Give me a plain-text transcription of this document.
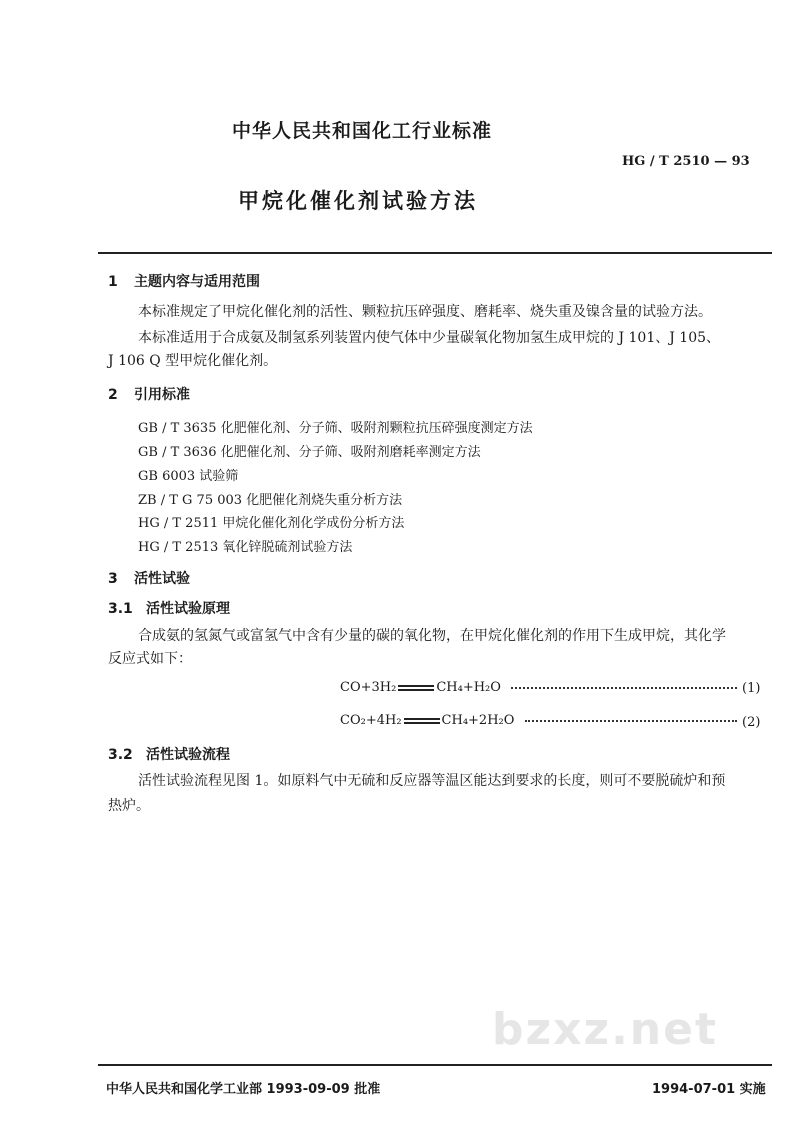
中华人民共和国化工行业标准
HG / T 2510 — 93
甲烷化催化剂试验方法
1 主题内容与适用范围
本标准规定了甲烷化催化剂的活性、颗粒抗压碎强度、磨耗率、烧失重及镍含量的试验方法。
本标准适用于合成氨及制氢系列装置内使气体中少量碳氧化物加氢生成甲烷的 J 101、J 105、
J 106 Q 型甲烷化催化剂。
2 引用标准
GB / T 3635 化肥催化剂、分子筛、吸附剂颗粒抗压碎强度测定方法
GB / T 3636 化肥催化剂、分子筛、吸附剂磨耗率测定方法
GB 6003 试验筛
ZB / T G 75 003 化肥催化剂烧失重分析方法
HG / T 2511 甲烷化催化剂化学成份分析方法
HG / T 2513 氧化锌脱硫剂试验方法
3 活性试验
3.1 活性试验原理
合成氨的氢氮气或富氢气中含有少量的碳的氧化物，在甲烷化催化剂的作用下生成甲烷，其化学
反应式如下：
CO+3H₂	CH₄+H₂O	(1)
CO₂+4H₂	CH₄+2H₂O	(2)
3.2 活性试验流程
活性试验流程见图 1。如原料气中无硫和反应器等温区能达到要求的长度，则可不要脱硫炉和预
热炉。
bzxz.net
中华人民共和国化学工业部 1993-09-09 批准	1994-07-01 实施
